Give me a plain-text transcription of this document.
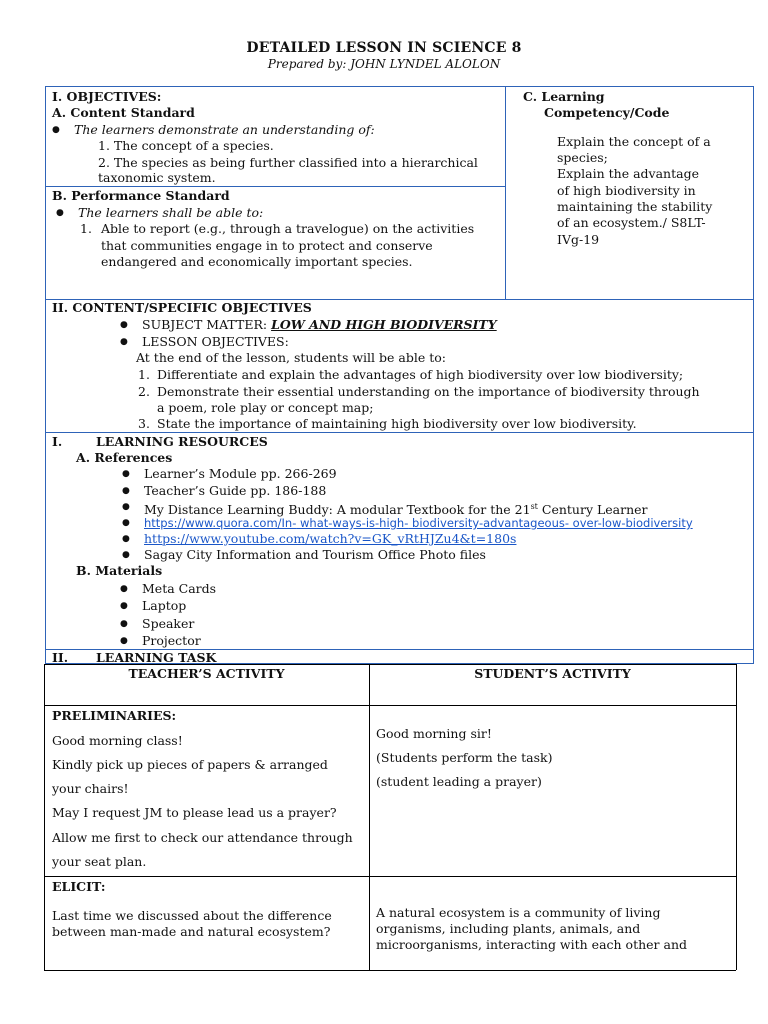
DETAILED LESSON IN SCIENCE 8
Prepared by: JOHN LYNDEL ALOLON
I. OBJECTIVES:
A. Content Standard
● The learners demonstrate an understanding of:
1. The concept of a species.
2. The species as being further classified into a hierarchical
taxonomic system.
B. Performance Standard
● The learners shall be able to:
1. Able to report (e.g., through a travelogue) on the activities
that communities engage in to protect and conserve
endangered and economically important species.
C. Learning
Competency/Code
Explain the concept of a
species;
Explain the advantage
of high biodiversity in
maintaining the stability
of an ecosystem./ S8LT-
IVg-19
II. CONTENT/SPECIFIC OBJECTIVES
● SUBJECT MATTER: LOW AND HIGH BIODIVERSITY
● LESSON OBJECTIVES:
At the end of the lesson, students will be able to:
1. Differentiate and explain the advantages of high biodiversity over low biodiversity;
2. Demonstrate their essential understanding on the importance of biodiversity through
a poem, role play or concept map;
3. State the importance of maintaining high biodiversity over low biodiversity.
I.	LEARNING RESOURCES
A. References
● Learner’s Module pp. 266-269
● Teacher’s Guide pp. 186-188
● My Distance Learning Buddy: A modular Textbook for the 21st Century Learner
● https://www.quora.com/In- what-ways-is-high- biodiversity-advantageous- over-low-biodiversity
● https://www.youtube.com/watch?v=GK_vRtHJZu4&t=180s
● Sagay City Information and Tourism Office Photo files
B. Materials
● Meta Cards
● Laptop
● Speaker
● Projector
II. LEARNING TASK
TEACHER’S ACTIVITY	STUDENT’S ACTIVITY
PRELIMINARIES:
Good morning class!
Kindly pick up pieces of papers & arranged
your chairs!
May I request JM to please lead us a prayer?
Allow me first to check our attendance through
your seat plan.
Good morning sir!
(Students perform the task)
(student leading a prayer)
ELICIT:
Last time we discussed about the difference
between man-made and natural ecosystem?
A natural ecosystem is a community of living
organisms, including plants, animals, and
microorganisms, interacting with each other and
